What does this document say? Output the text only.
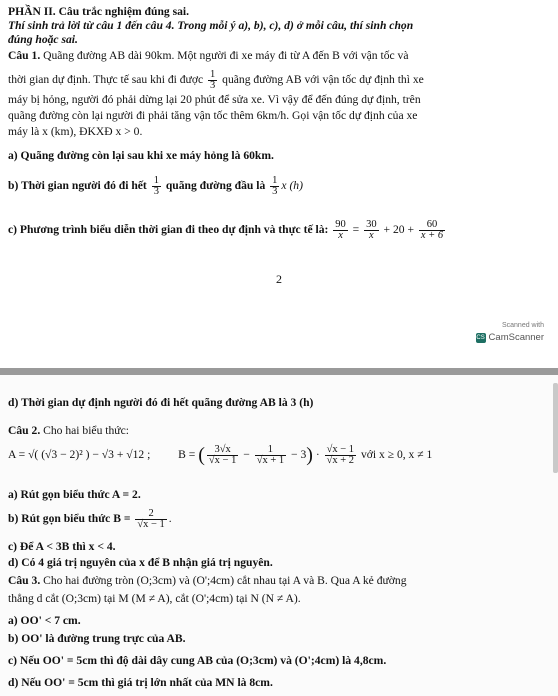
PHẦN II. Câu trắc nghiệm đúng sai.
Thí sinh trả lời từ câu 1 đến câu 4. Trong mỗi ý a), b), c), d) ở mỗi câu, thí sinh chọn
đúng hoặc sai.
Câu 1. Quãng đường AB dài 90km. Một người đi xe máy đi từ A đến B với vận tốc và
thời gian dự định. Thực tế sau khi đi được $\frac{1}{3}$ quãng đường AB với vận tốc dự định thì xe
máy bị hỏng, người đó phải dừng lại 20 phút để sửa xe. Vì vậy để đến đúng dự định, trên
quãng đường còn lại người đi phải tăng vận tốc thêm 6km/h. Gọi vận tốc dự định của xe
máy là x (km), ĐKXĐ x > 0.
a) Quãng đường còn lại sau khi xe máy hỏng là 60km.
b) Thời gian người đó đi hết $\frac{1}{3}$ quãng đường đầu là $\frac{1}{3}$ x (h)
c) Phương trình biểu diễn thời gian đi theo dự định và thực tế là: $\frac{90}{x} = \frac{30}{x} + 20 + \frac{60}{x + 6}$
2
Scanned with
CS CamScanner
d) Thời gian dự định người đó đi hết quãng đường AB là 3 (h)
Câu 2. Cho hai biểu thức:
A = √( (√3 − 2)² ) − √3 + √12 ; B = ( $\frac{3√x}{√x - 1} - \frac{1}{√x + 1} - 3) \cdot \frac{√x - 1}{√x + 2}$ với x ≥ 0, x ≠ 1
a) Rút gọn biểu thức A = 2.
b) Rút gọn biểu thức $B = \frac{2}{√x - 1}$ .
c) Để A < 3B thì x < 4.
d) Có 4 giá trị nguyên của x để B nhận giá trị nguyên.
Câu 3. Cho hai đường tròn (O;3cm) và (O';4cm) cắt nhau tại A và B. Qua A kẻ đường
thẳng d cắt (O;3cm) tại M (M ≠ A), cắt (O';4cm) tại N (N ≠ A).
a) OO' < 7 cm.
b) OO' là đường trung trực của AB.
c) Nếu OO' = 5cm thì độ dài dây cung AB của (O;3cm) và (O';4cm) là 4,8cm.
d) Nếu OO' = 5cm thì giá trị lớn nhất của MN là 8cm.
